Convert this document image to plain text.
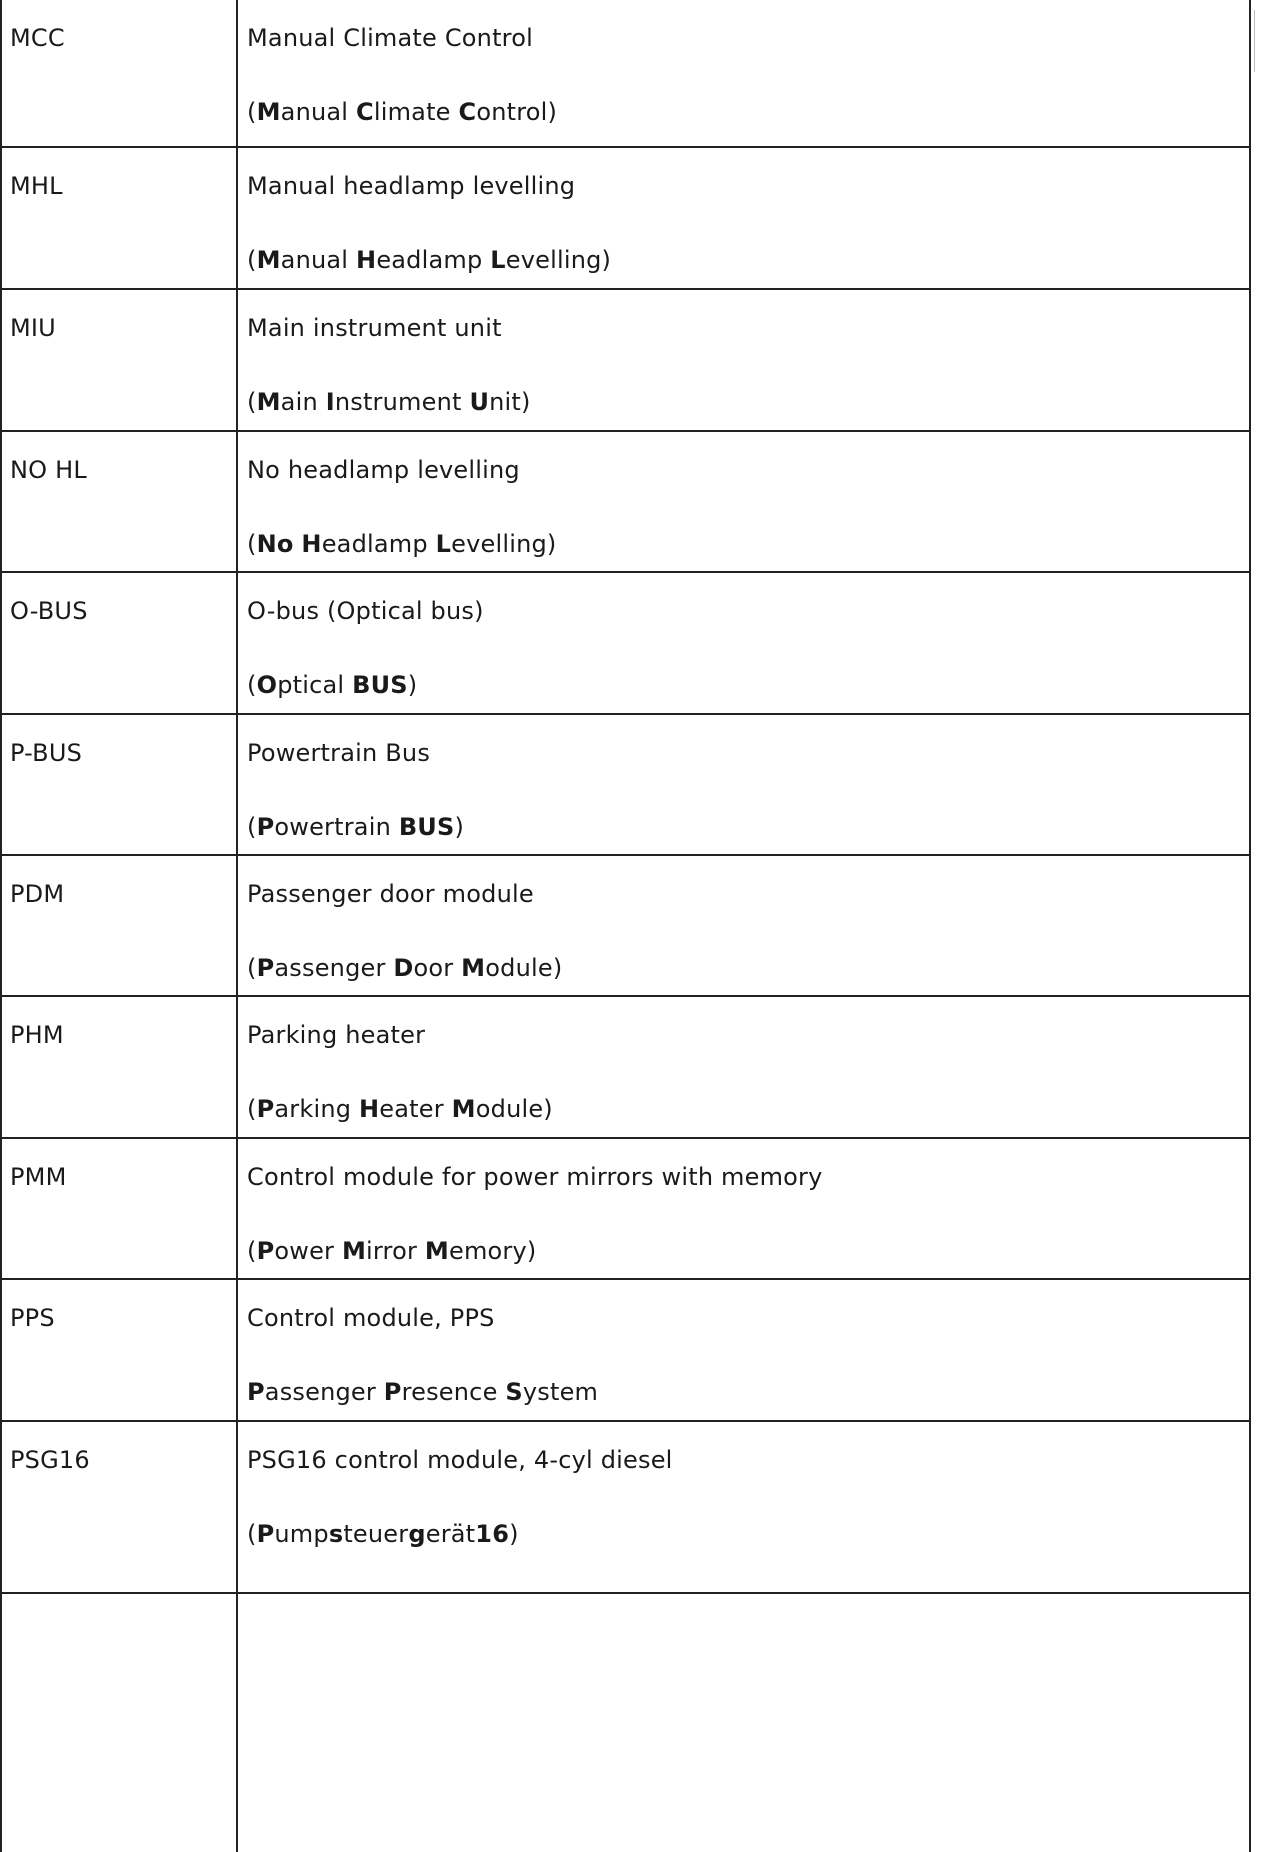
MCC	Manual Climate Control
(Manual Climate Control)
MHL	Manual headlamp levelling
(Manual Headlamp Levelling)
MIU	Main instrument unit
(Main Instrument Unit)
NO HL	No headlamp levelling
(No Headlamp Levelling)
O-BUS	O-bus (Optical bus)
(Optical BUS)
P-BUS	Powertrain Bus
(Powertrain BUS)
PDM	Passenger door module
(Passenger Door Module)
PHM	Parking heater
(Parking Heater Module)
PMM	Control module for power mirrors with memory
(Power Mirror Memory)
PPS	Control module, PPS
Passenger Presence System
PSG16	PSG16 control module, 4-cyl diesel
(Pumpsteuergerät16)
